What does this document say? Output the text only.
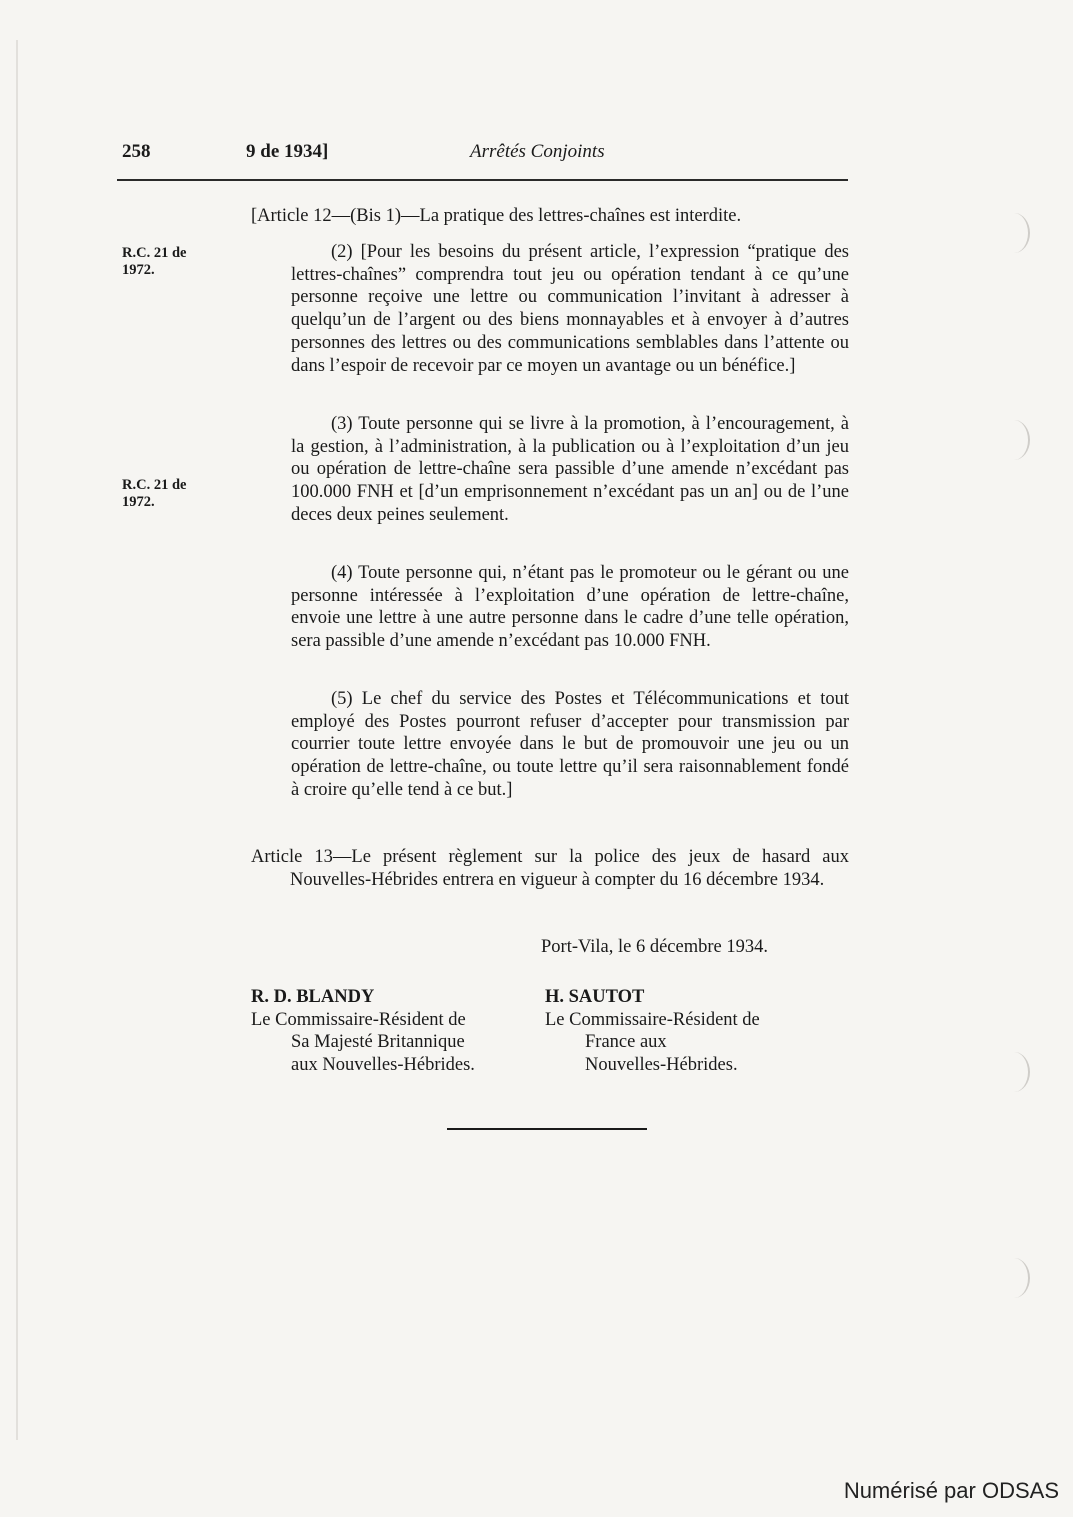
258	9 de 1934]	Arrêtés Conjoints
R.C. 21 de
1972.
R.C. 21 de
1972.

[Article 12—(Bis 1)—La pratique des lettres-chaînes est interdite.

(2) [Pour les besoins du présent article, l’expression “pratique des lettres-chaînes” comprendra tout jeu ou opération tendant à ce qu’une personne reçoive une lettre ou communication l’invitant à adresser à quelqu’un de l’argent ou des biens monnayables et à envoyer à d’autres personnes des lettres ou des communications semblables dans l’attente ou dans l’espoir de recevoir par ce moyen un avantage ou un bénéfice.]

(3) Toute personne qui se livre à la promotion, à l’encouragement, à la gestion, à l’administration, à la publication ou à l’exploitation d’un jeu ou opération de lettre-chaîne sera passible d’une amende n’excédant pas 100.000 FNH et [d’un emprisonnement n’excédant pas un an] ou de l’une deces deux peines seulement.

(4) Toute personne qui, n’étant pas le promoteur ou le gérant ou une personne intéressée à l’exploitation d’une opération de lettre-chaîne, envoie une lettre à une autre personne dans le cadre d’une telle opération, sera passible d’une amende n’excédant pas 10.000 FNH.

(5) Le chef du service des Postes et Télécommunications et tout employé des Postes pourront refuser d’accepter pour transmission par courrier toute lettre envoyée dans le but de promouvoir une jeu ou un opération de lettre-chaîne, ou toute lettre qu’il sera raisonnablement fondé à croire qu’elle tend à ce but.]

Article 13—Le présent règlement sur la police des jeux de hasard aux Nouvelles-Hébrides entrera en vigueur à compter du 16 décembre 1934.

Port-Vila, le 6 décembre 1934.
R. D. BLANDY
Le Commissaire-Résident de
Sa Majesté Britannique
aux Nouvelles-Hébrides.
H. SAUTOT
Le Commissaire-Résident de
France aux
Nouvelles-Hébrides.
Numérisé par ODSAS
